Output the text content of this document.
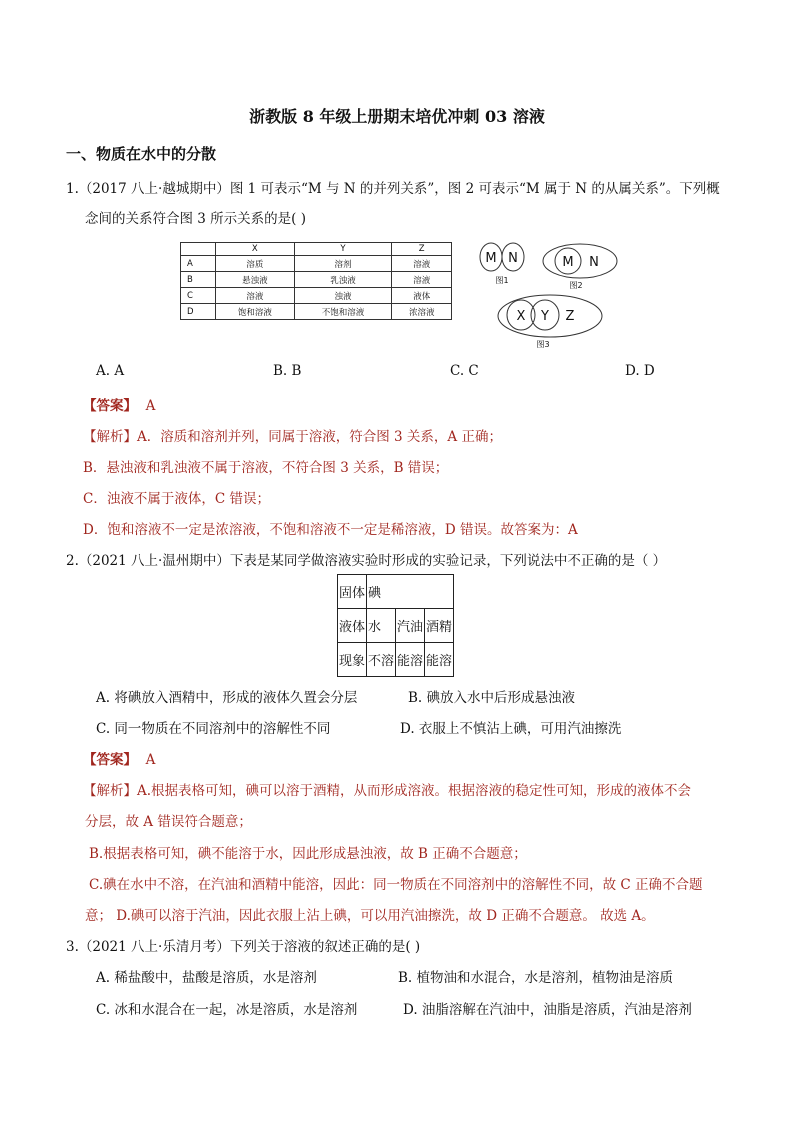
浙教版 8 年级上册期末培优冲刺 03 溶液
一、物质在水中的分散
1.（2017 八上·越城期中）图 1 可表示“M 与 N 的并列关系”，图 2 可表示“M 属于 N 的从属关系”。下列概
念间的关系符合图 3 所示关系的是( )
	X	Y	Z
A	溶质	溶剂	溶液
B	悬浊液	乳浊液	溶液
C	溶液	浊液	液体
D	饱和溶液	不饱和溶液	浓溶液
M N	M N
X Y Z
图1
图2
图3
A. A	B. B	C. C	D. D
【答案】 A
【解析】A．溶质和溶剂并列，同属于溶液，符合图 3 关系，A 正确；
B．悬浊液和乳浊液不属于溶液，不符合图 3 关系，B 错误；
C．浊液不属于液体，C 错误；
D．饱和溶液不一定是浓溶液，不饱和溶液不一定是稀溶液，D 错误。故答案为：A
2.（2021 八上·温州期中）下表是某同学做溶液实验时形成的实验记录，下列说法中不正确的是（ ）
固体	碘		
液体	水	汽油	酒精
现象	不溶	能溶	能溶
A. 将碘放入酒精中，形成的液体久置会分层	B. 碘放入水中后形成悬浊液
C. 同一物质在不同溶剂中的溶解性不同	D. 衣服上不慎沾上碘，可用汽油擦洗
【答案】 A
【解析】A.根据表格可知，碘可以溶于酒精，从而形成溶液。根据溶液的稳定性可知，形成的液体不会
分层，故 A 错误符合题意；
B.根据表格可知，碘不能溶于水，因此形成悬浊液，故 B 正确不合题意；
C.碘在水中不溶，在汽油和酒精中能溶，因此：同一物质在不同溶剂中的溶解性不同，故 C 正确不合题
意； D.碘可以溶于汽油，因此衣服上沾上碘，可以用汽油擦洗，故 D 正确不合题意。 故选 A。
3.（2021 八上·乐清月考）下列关于溶液的叙述正确的是( )
A. 稀盐酸中，盐酸是溶质，水是溶剂	B. 植物油和水混合，水是溶剂，植物油是溶质
C. 冰和水混合在一起，冰是溶质，水是溶剂	D. 油脂溶解在汽油中，油脂是溶质，汽油是溶剂
